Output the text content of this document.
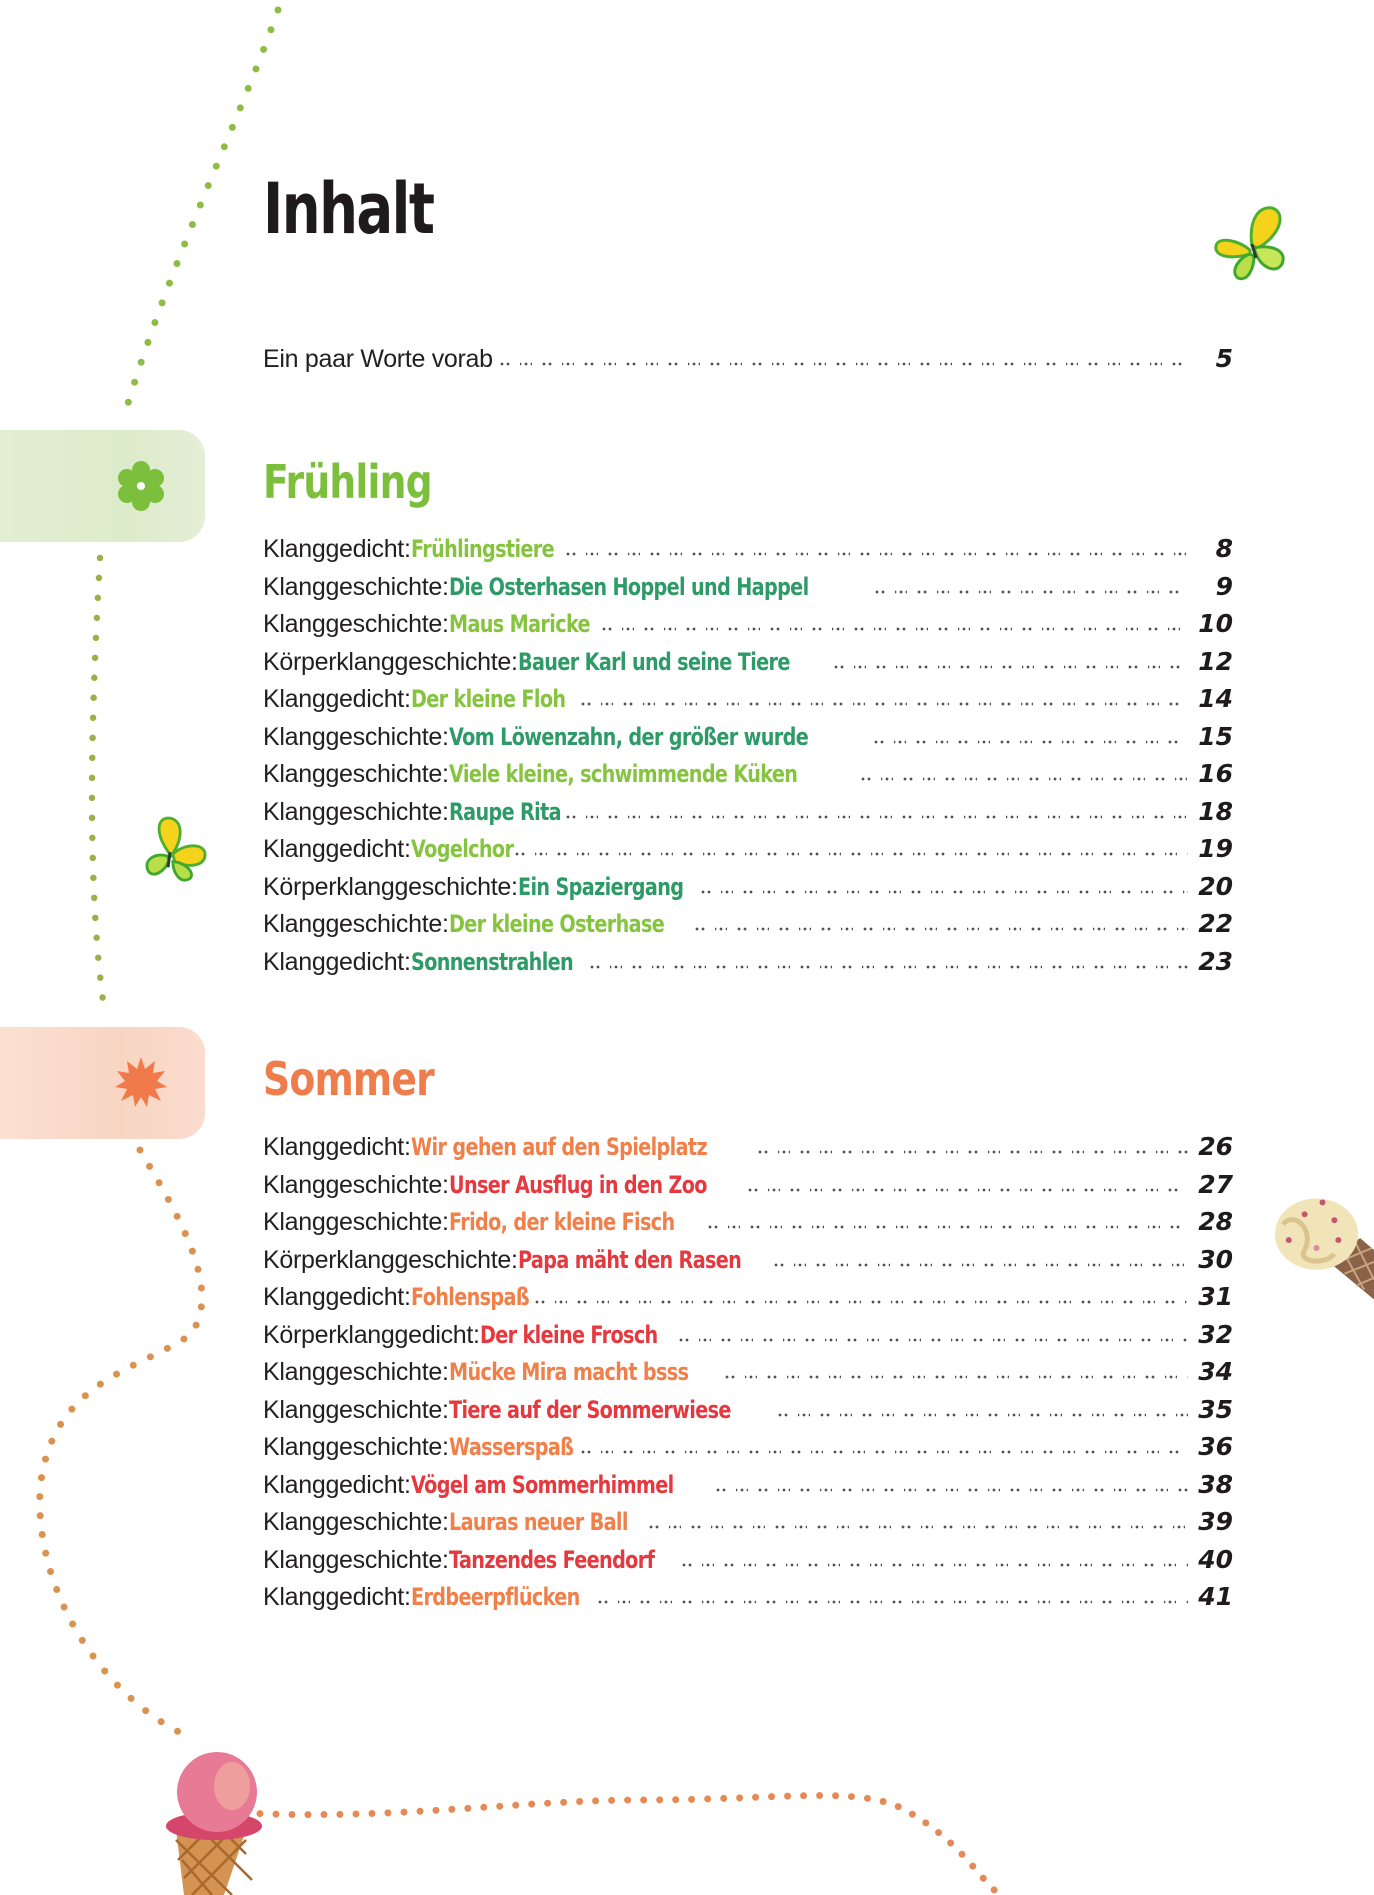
Inhalt
Ein paar Worte vorab	5
Frühling
Sommer
Klanggedicht: Frühlingstiere	8
Klanggeschichte: Die Osterhasen Hoppel und Happel	9
Klanggeschichte: Maus Maricke	10
Körperklanggeschichte: Bauer Karl und seine Tiere	12
Klanggedicht: Der kleine Floh	14
Klanggeschichte: Vom Löwenzahn, der größer wurde	15
Klanggeschichte: Viele kleine, schwimmende Küken	16
Klanggeschichte: Raupe Rita	18
Klanggedicht: Vogelchor	19
Körperklanggeschichte: Ein Spaziergang	20
Klanggeschichte: Der kleine Osterhase	22
Klanggedicht: Sonnenstrahlen	23
Klanggedicht: Wir gehen auf den Spielplatz	26
Klanggeschichte: Unser Ausflug in den Zoo	27
Klanggeschichte: Frido, der kleine Fisch	28
Körperklanggeschichte: Papa mäht den Rasen	30
Klanggedicht: Fohlenspaß	31
Körperklanggedicht: Der kleine Frosch	32
Klanggeschichte: Mücke Mira macht bsss	34
Klanggeschichte: Tiere auf der Sommerwiese	35
Klanggeschichte: Wasserspaß	36
Klanggedicht: Vögel am Sommerhimmel	38
Klanggeschichte: Lauras neuer Ball	39
Klanggeschichte: Tanzendes Feendorf	40
Klanggedicht: Erdbeerpflücken	41
